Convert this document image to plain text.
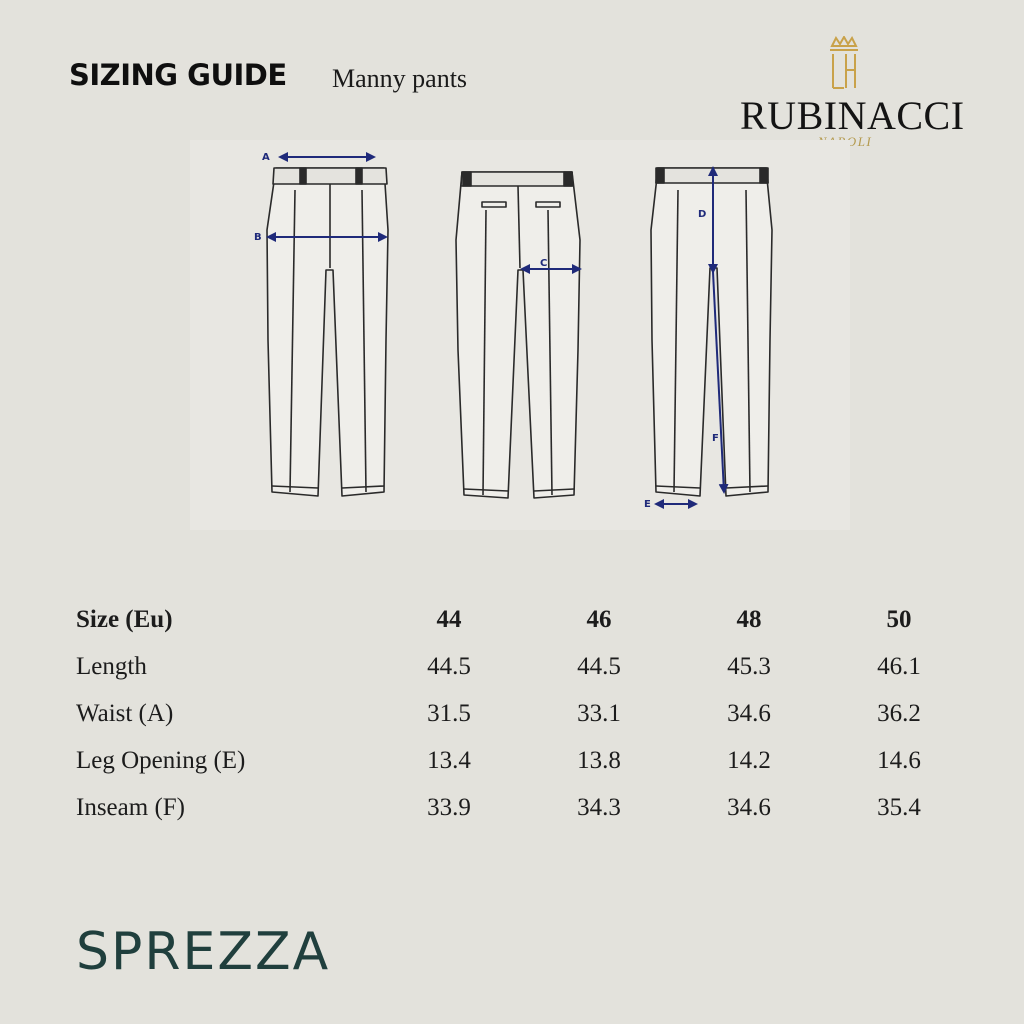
SIZING GUIDE Manny pants
RUBINACCI
NAPOLI
A
B
C
D
E
F
Size (Eu)	44	46	48	50
Length	44.5	44.5	45.3	46.1
Waist (A)	31.5	33.1	34.6	36.2
Leg Opening (E)	13.4	13.8	14.2	14.6
Inseam (F)	33.9	34.3	34.6	35.4
SPREZZA
